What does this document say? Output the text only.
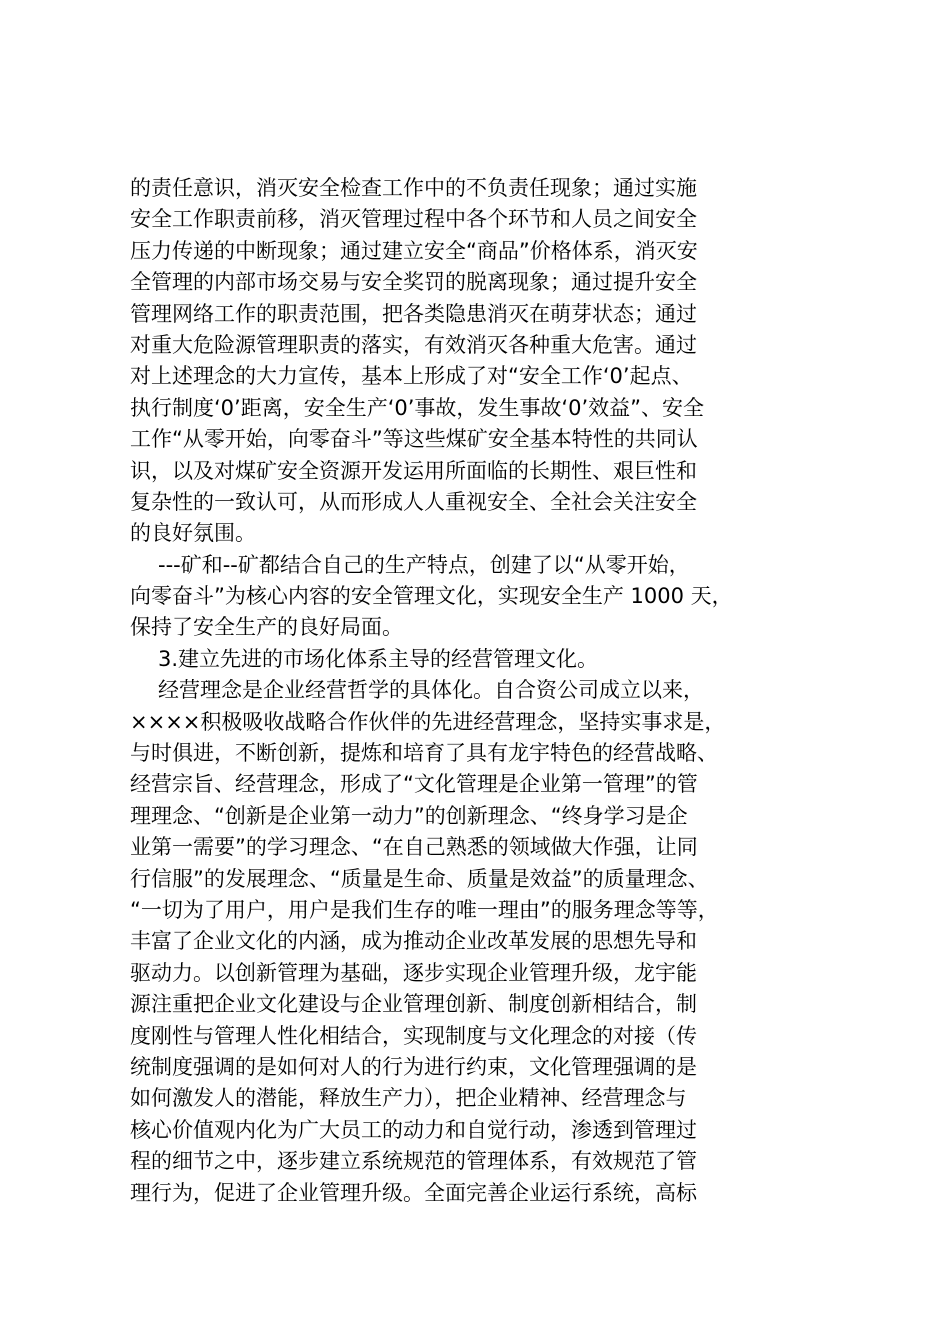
的责任意识，消灭安全检查工作中的不负责任现象；通过实施
安全工作职责前移，消灭管理过程中各个环节和人员之间安全
压力传递的中断现象；通过建立安全“商品”价格体系，消灭安
全管理的内部市场交易与安全奖罚的脱离现象；通过提升安全
管理网络工作的职责范围，把各类隐患消灭在萌芽状态；通过
对重大危险源管理职责的落实，有效消灭各种重大危害。通过
对上述理念的大力宣传，基本上形成了对“安全工作‘0’起点、
执行制度‘0’距离，安全生产‘0’事故，发生事故‘0’效益”、安全
工作“从零开始，向零奋斗”等这些煤矿安全基本特性的共同认
识，以及对煤矿安全资源开发运用所面临的长期性、艰巨性和
复杂性的一致认可，从而形成人人重视安全、全社会关注安全
的良好氛围。
---矿和--矿都结合自己的生产特点，创建了以“从零开始，
向零奋斗”为核心内容的安全管理文化，实现安全生产 1000 天，
保持了安全生产的良好局面。
3.建立先进的市场化体系主导的经营管理文化。
经营理念是企业经营哲学的具体化。自合资公司成立以来，
××××积极吸收战略合作伙伴的先进经营理念，坚持实事求是，
与时俱进，不断创新，提炼和培育了具有龙宇特色的经营战略、
经营宗旨、经营理念，形成了“文化管理是企业第一管理”的管
理理念、“创新是企业第一动力”的创新理念、“终身学习是企
业第一需要”的学习理念、“在自己熟悉的领域做大作强，让同
行信服”的发展理念、“质量是生命、质量是效益”的质量理念、
“一切为了用户，用户是我们生存的唯一理由”的服务理念等等，
丰富了企业文化的内涵，成为推动企业改革发展的思想先导和
驱动力。以创新管理为基础，逐步实现企业管理升级，龙宇能
源注重把企业文化建设与企业管理创新、制度创新相结合，制
度刚性与管理人性化相结合，实现制度与文化理念的对接（传
统制度强调的是如何对人的行为进行约束，文化管理强调的是
如何激发人的潜能，释放生产力），把企业精神、经营理念与
核心价值观内化为广大员工的动力和自觉行动，渗透到管理过
程的细节之中，逐步建立系统规范的管理体系，有效规范了管
理行为，促进了企业管理升级。全面完善企业运行系统，高标
